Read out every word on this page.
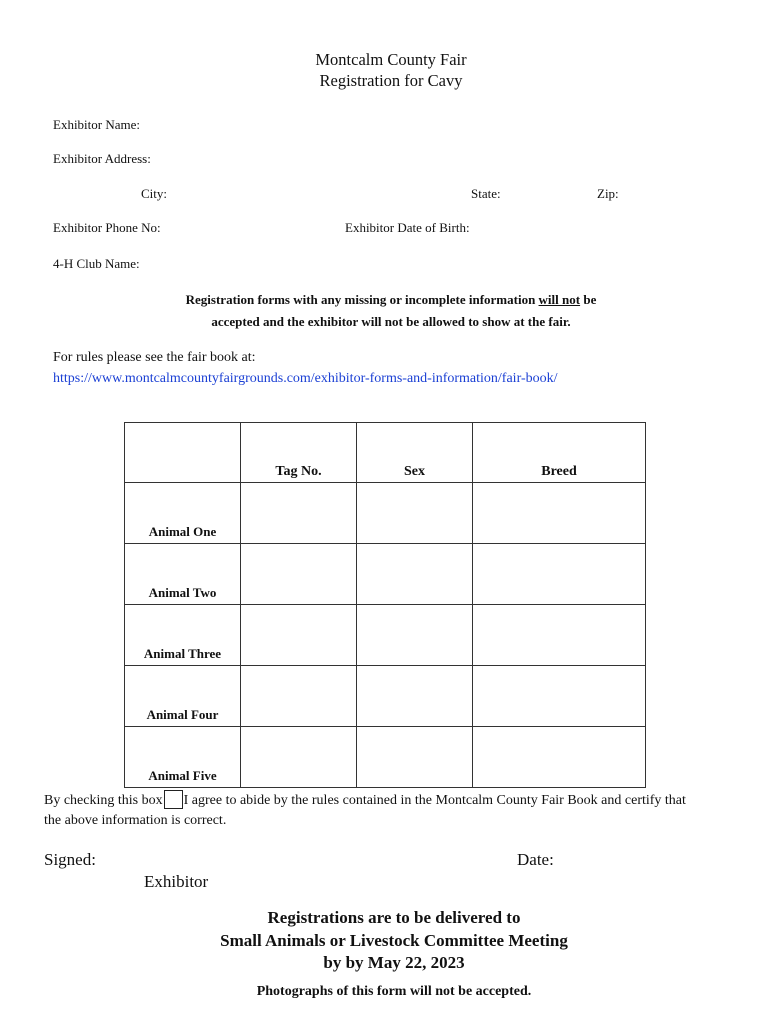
Montcalm County Fair
Registration for Cavy
Exhibitor Name:
Exhibitor Address:
City:	State:	Zip:
Exhibitor Phone No:	Exhibitor Date of Birth:
4-H Club Name:
Registration forms with any missing or incomplete information will not be
accepted and the exhibitor will not be allowed to show at the fair.
For rules please see the fair book at:
https://www.montcalmcountyfairgrounds.com/exhibitor-forms-and-information/fair-book/
	Tag No.	Sex	Breed
Animal One			
Animal Two			
Animal Three			
Animal Four			
Animal Five			
By checking this box I agree to abide by the rules contained in the Montcalm County Fair Book and certify that the above information is correct.
Signed:	Date:
Exhibitor
Registrations are to be delivered to
Small Animals or Livestock Committee Meeting
by by May 22, 2023
Photographs of this form will not be accepted.
